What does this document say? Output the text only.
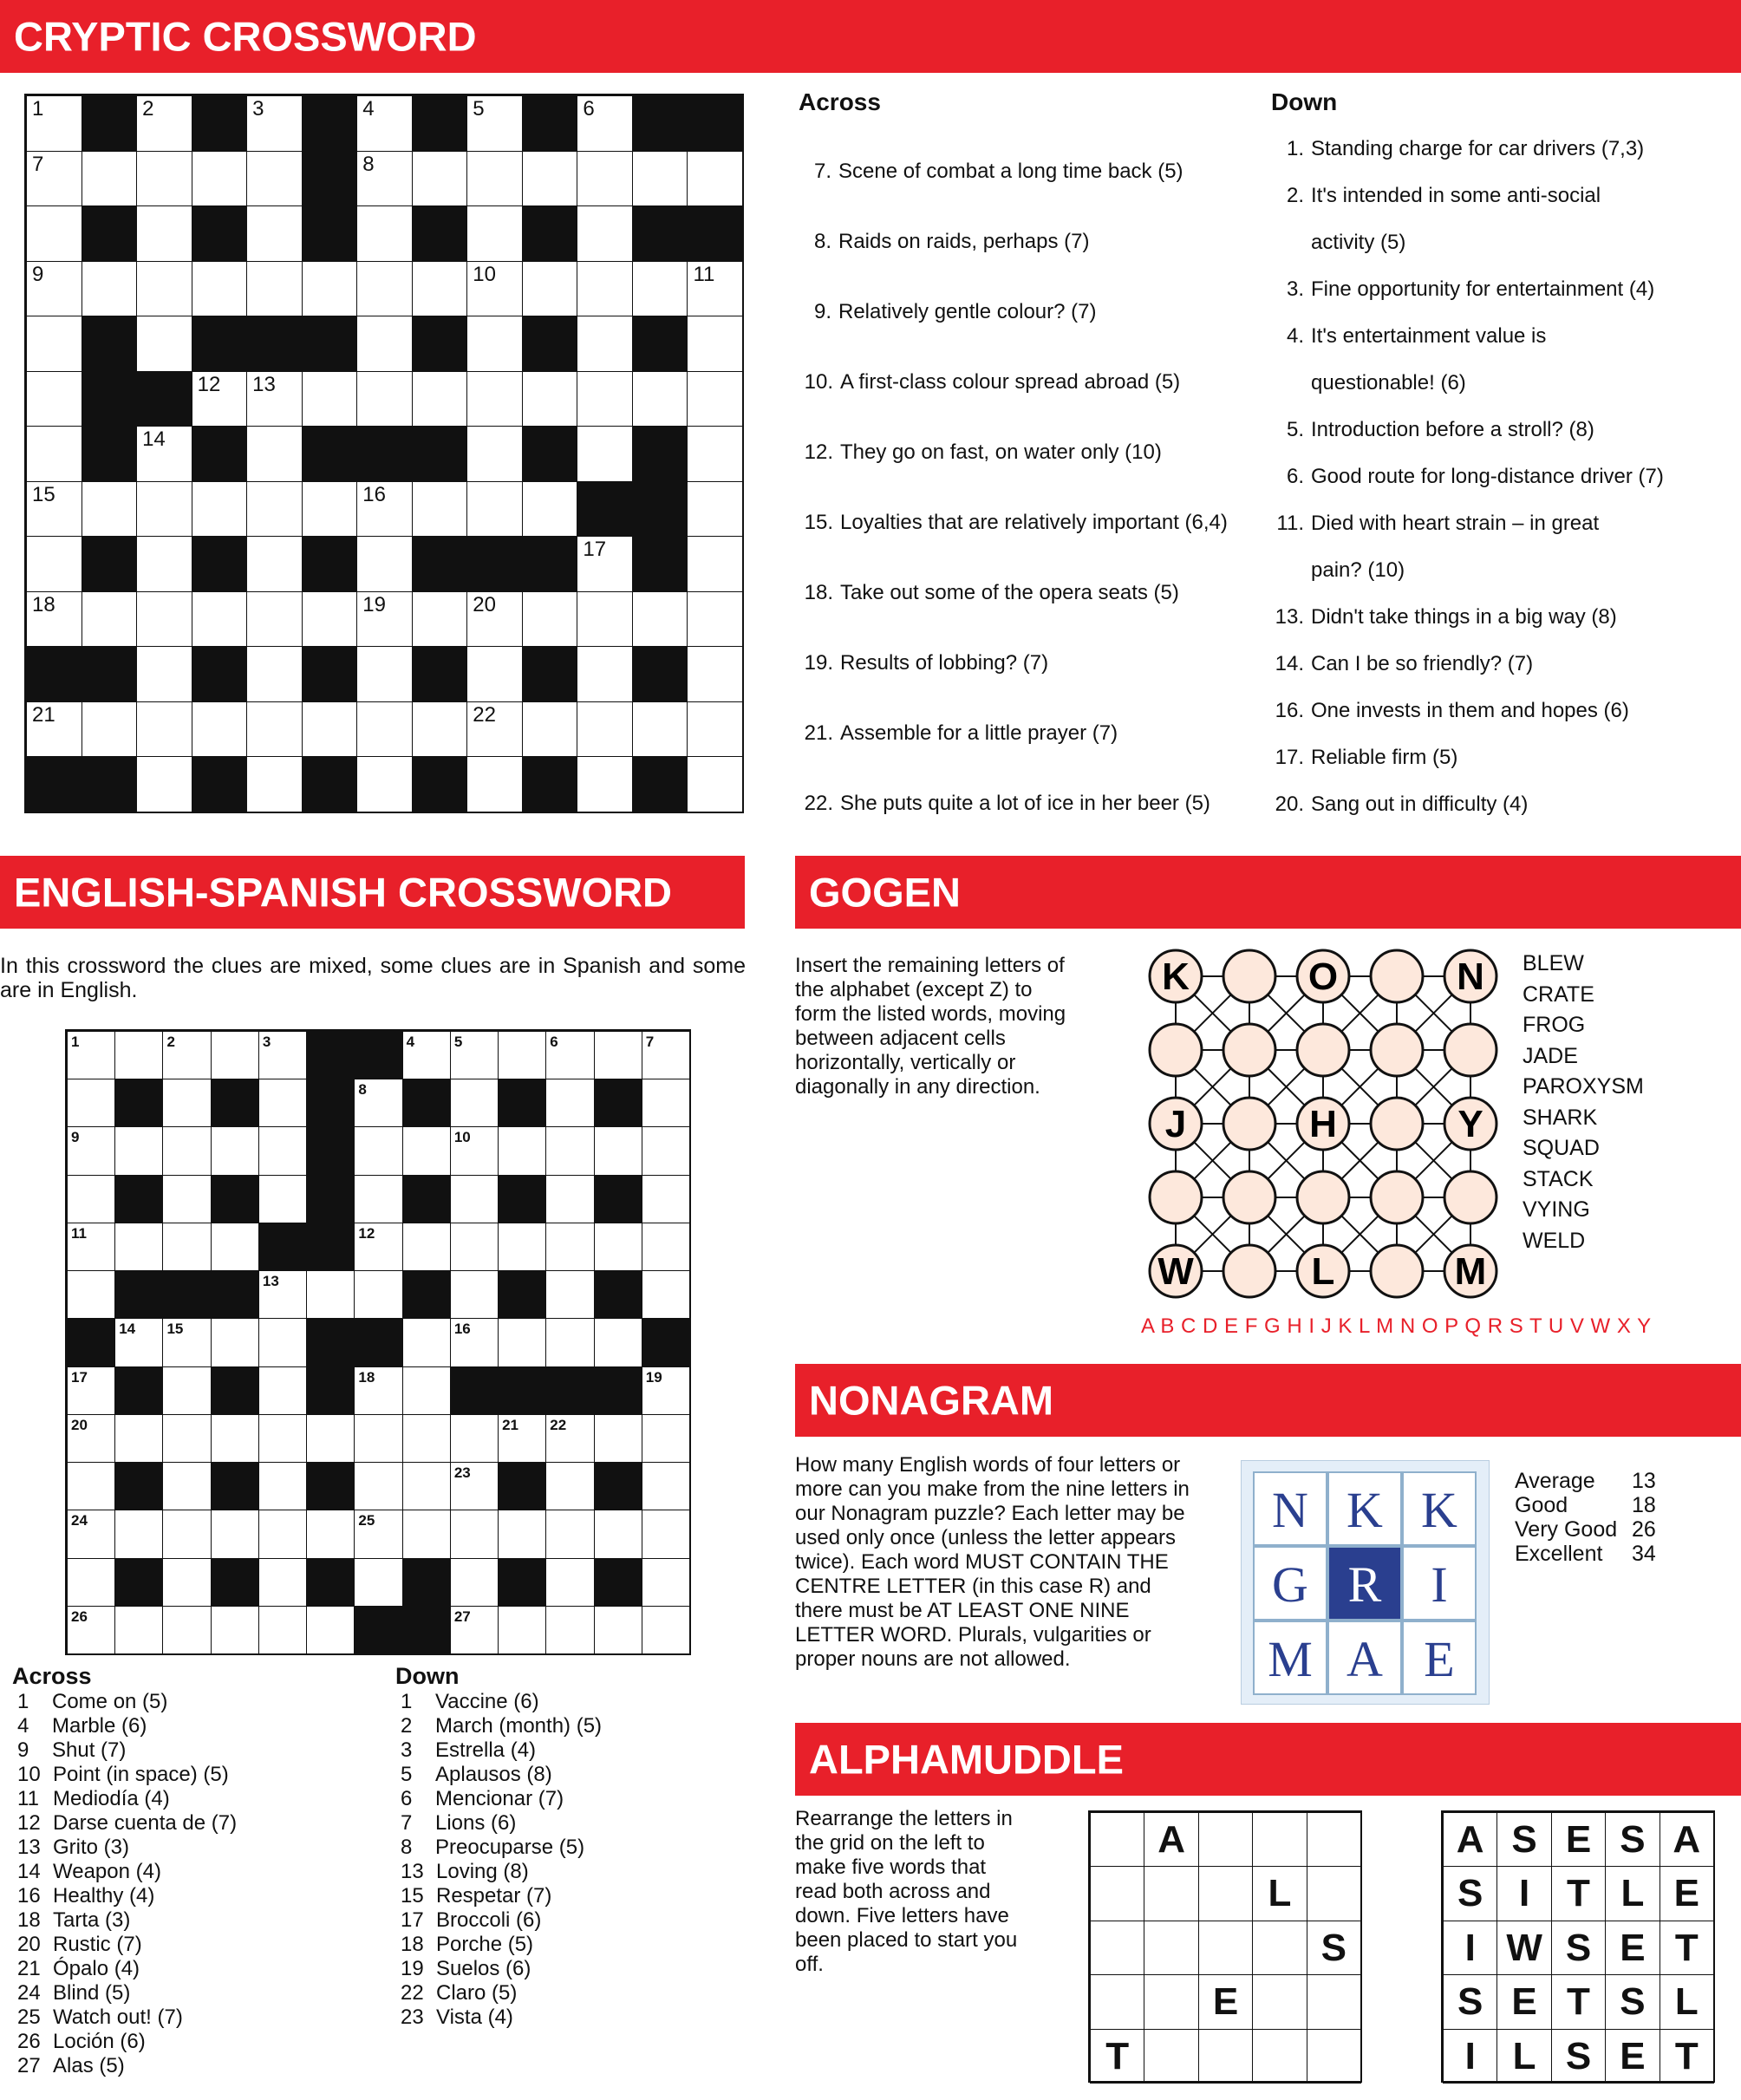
CRYPTIC CROSSWORD
1	2	3	4	5	6
7	8
9	10	11
12 13
14
15	16
17
18	19	20
21	22
Across
7. Scene of combat a long time back (5)
8. Raids on raids, perhaps (7)
9. Relatively gentle colour? (7)
10. A first-class colour spread abroad (5)
12. They go on fast, on water only (10)
15. Loyalties that are relatively important (6,4)
18. Take out some of the opera seats (5)
19. Results of lobbing? (7)
21. Assemble for a little prayer (7)
22. She puts quite a lot of ice in her beer (5)
Down
1. Standing charge for car drivers (7,3)
2. It's intended in some anti-social
activity (5)
3. Fine opportunity for entertainment (4)
4. It's entertainment value is
questionable! (6)
5. Introduction before a stroll? (8)
6. Good route for long-distance driver (7)
11. Died with heart strain – in great
pain? (10)
13. Didn't take things in a big way (8)
14. Can I be so friendly? (7)
16. One invests in them and hopes (6)
17. Reliable firm (5)
20. Sang out in difficulty (4)
ENGLISH-SPANISH CROSSWORD
In this crossword the clues are mixed, some clues are in Spanish and some are in English.
1	2	3	4	5	6	7
8
9	10
11	12
13
14 15	16
17	18	19
20	21 22
23
24	25
26	27
Across
1 Come on (5)
4 Marble (6)
9 Shut (7)
10 Point (in space) (5)
11 Mediodía (4)
12 Darse cuenta de (7)
13 Grito (3)
14 Weapon (4)
16 Healthy (4)
18 Tarta (3)
20 Rustic (7)
21 Ópalo (4)
24 Blind (5)
25 Watch out! (7)
26 Loción (6)
27 Alas (5)
Down
1 Vaccine (6)
2 March (month) (5)
3 Estrella (4)
5 Aplausos (8)
6 Mencionar (7)
7 Lions (6)
8 Preocuparse (5)
13 Loving (8)
15 Respetar (7)
17 Broccoli (6)
18 Porche (5)
19 Suelos (6)
22 Claro (5)
23 Vista (4)
GOGEN
Insert the remaining letters of the alphabet (except Z) to form the listed words, moving between adjacent cells horizontally, vertically or diagonally in any direction.
K	O	N
J	H	Y
W	L	M
BLEW
CRATE
FROG
JADE
PAROXYSM
SHARK
SQUAD
STACK
VYING
WELD
A B C D E F G H I J K L M N O P Q R S T U V W X Y
NONAGRAM
How many English words of four letters or more can you make from the nine letters in our Nonagram puzzle? Each letter may be used only once (unless the letter appears twice). Each word MUST CONTAIN THE CENTRE LETTER (in this case R) and there must be AT LEAST ONE NINE LETTER WORD. Plurals, vulgarities or proper nouns are not allowed.
N K K
G R I
M A E
Average	13
Good	18
Very Good	26
Excellent	34
ALPHAMUDDLE
Rearrange the letters in the grid on the left to make five words that read both across and down. Five letters have been placed to start you off.
A
L
S
E
T
A S E S A
S I T L E
I W S E T
S E T S L
I L S E T
